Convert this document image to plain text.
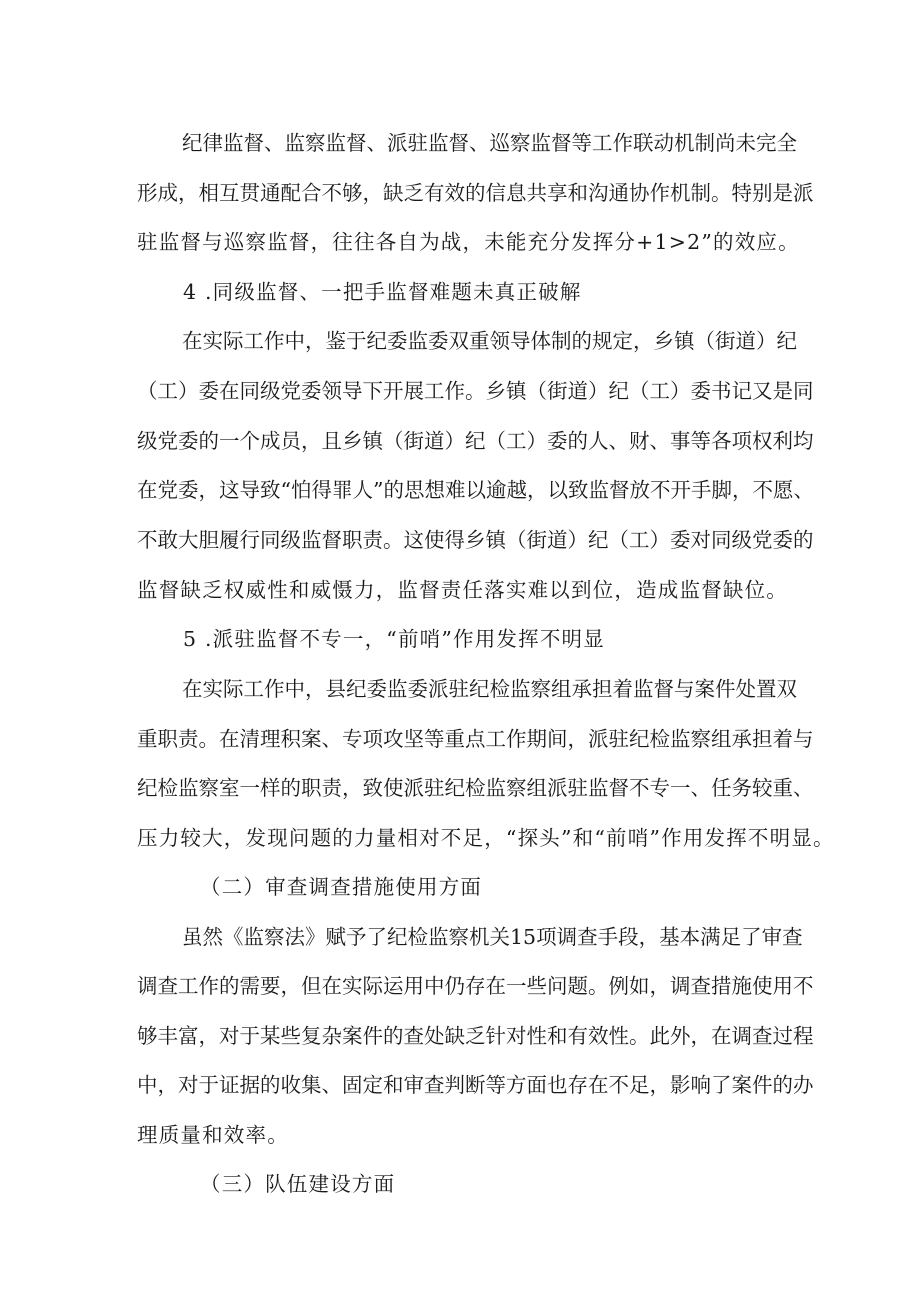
纪律监督、监察监督、派驻监督、巡察监督等工作联动机制尚未完全
形成，相互贯通配合不够，缺乏有效的信息共享和沟通协作机制。特别是派
驻监督与巡察监督，往往各自为战，未能充分发挥分+1>2”的效应。
4 .同级监督、一把手监督难题未真正破解
在实际工作中，鉴于纪委监委双重领导体制的规定，乡镇（街道）纪
（工）委在同级党委领导下开展工作。乡镇（街道）纪（工）委书记又是同
级党委的一个成员，且乡镇（街道）纪（工）委的人、财、事等各项权利均
在党委，这导致“怕得罪人”的思想难以逾越，以致监督放不开手脚，不愿、
不敢大胆履行同级监督职责。这使得乡镇（街道）纪（工）委对同级党委的
监督缺乏权威性和威慑力，监督责任落实难以到位，造成监督缺位。
5 .派驻监督不专一，“前哨”作用发挥不明显
在实际工作中，县纪委监委派驻纪检监察组承担着监督与案件处置双
重职责。在清理积案、专项攻坚等重点工作期间，派驻纪检监察组承担着与
纪检监察室一样的职责，致使派驻纪检监察组派驻监督不专一、任务较重、
压力较大，发现问题的力量相对不足，“探头”和“前哨”作用发挥不明显。
（二）审查调查措施使用方面
虽然《监察法》赋予了纪检监察机关15项调查手段，基本满足了审查
调查工作的需要，但在实际运用中仍存在一些问题。例如，调查措施使用不
够丰富，对于某些复杂案件的查处缺乏针对性和有效性。此外，在调查过程
中，对于证据的收集、固定和审查判断等方面也存在不足，影响了案件的办
理质量和效率。
（三）队伍建设方面
